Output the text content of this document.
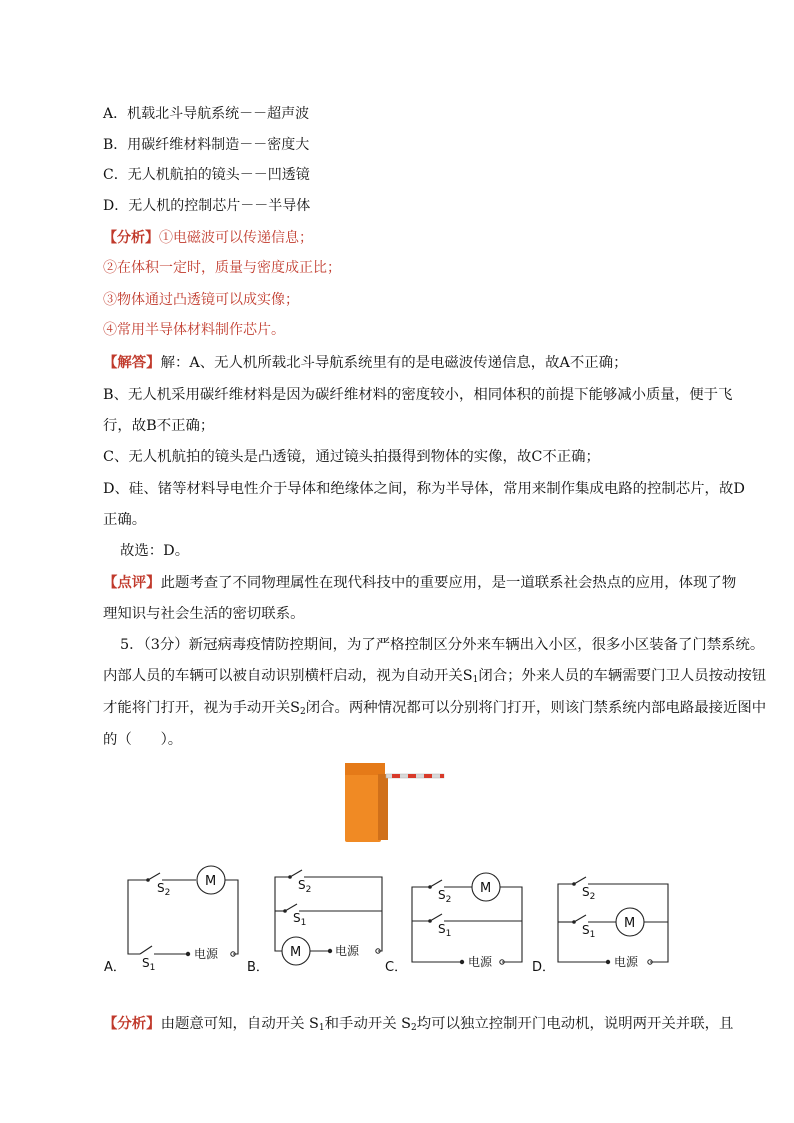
A．机载北斗导航系统－－超声波
B．用碳纤维材料制造－－密度大
C．无人机航拍的镜头－－凹透镜
D．无人机的控制芯片－－半导体
【分析】①电磁波可以传递信息；
②在体积一定时，质量与密度成正比；
③物体通过凸透镜可以成实像；
④常用半导体材料制作芯片。
【解答】解：A、无人机所载北斗导航系统里有的是电磁波传递信息，故A不正确；
B、无人机采用碳纤维材料是因为碳纤维材料的密度较小，相同体积的前提下能够减小质量，便于飞
行，故B不正确；
C、无人机航拍的镜头是凸透镜，通过镜头拍摄得到物体的实像，故C不正确；
D、硅、锗等材料导电性介于导体和绝缘体之间，称为半导体，常用来制作集成电路的控制芯片，故D
正确。
故选：D。
【点评】此题考查了不同物理属性在现代科技中的重要应用，是一道联系社会热点的应用，体现了物
理知识与社会生活的密切联系。
5．（3分）新冠病毒疫情防控期间，为了严格控制区分外来车辆出入小区，很多小区装备了门禁系统。
内部人员的车辆可以被自动识别横杆启动，视为自动开关$S_1$闭合；外来人员的车辆需要门卫人员按动按钮
才能将门打开，视为手动开关$S_2$闭合。两种情况都可以分别将门打开，则该门禁系统内部电路最接近图中
的（　　）。
A．	B．	C．	D．
M
M
M
M
电源	电源
电源	电源
$S_2$
$S_1$
$S_2$
$S_1$
$S_2$
$S_1$
$S_2$
$S_1$
【分析】由题意可知，自动开关 $S_1$和手动开关 $S_2$均可以独立控制开门电动机，说明两开关并联，且
